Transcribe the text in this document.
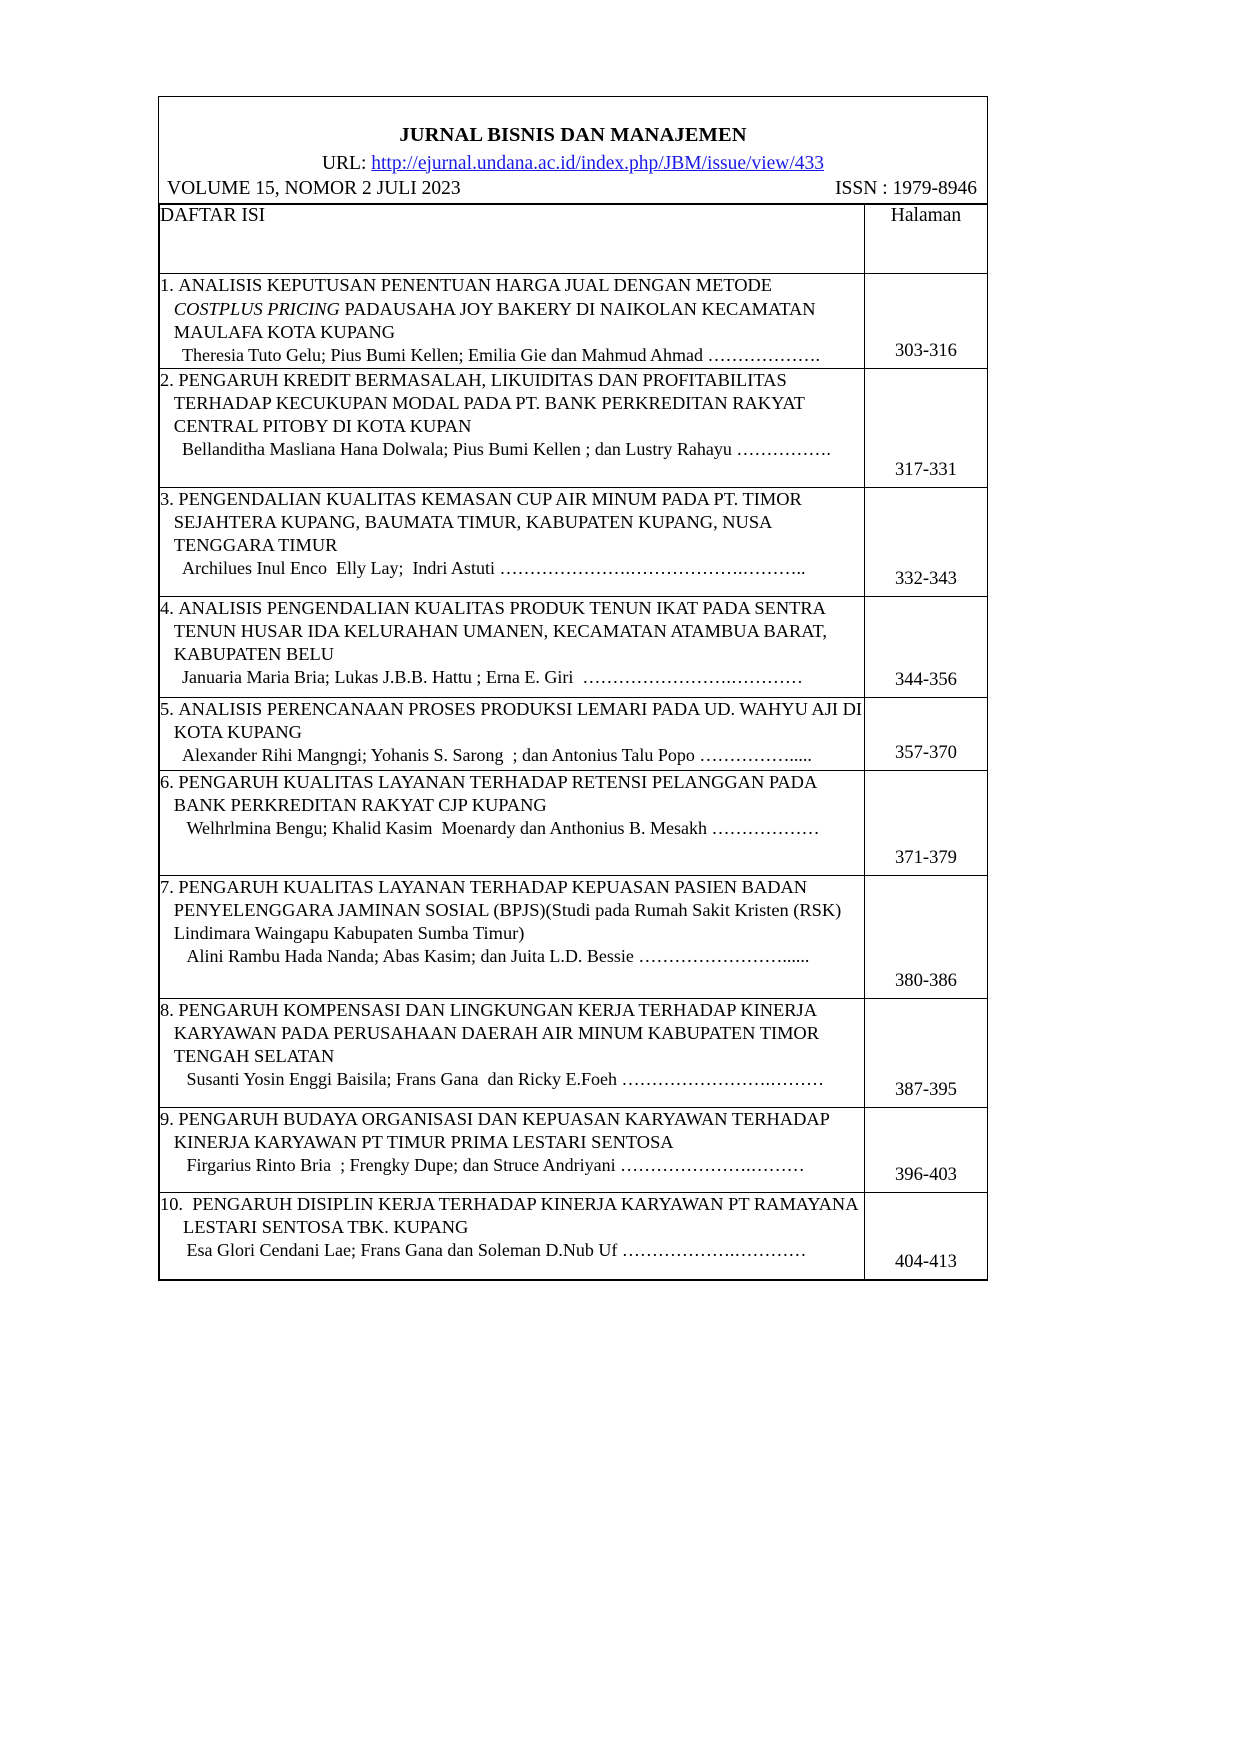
JURNAL BISNIS DAN MANAJEMEN
URL: http://ejurnal.undana.ac.id/index.php/JBM/issue/view/433
VOLUME 15, NOMOR 2 JULI 2023	ISSN : 1979-8946
DAFTAR ISI	Halaman

1. ANALISIS KEPUTUSAN PENENTUAN HARGA JUAL DENGAN METODE COSTPLUS PRICING PADAUSAHA JOY BAKERY DI NAIKOLAN KECAMATAN MAULAFA KOTA KUPANG
Theresia Tuto Gelu; Pius Bumi Kellen; Emilia Gie dan Mahmud Ahmad ……………….	303-316

2. PENGARUH KREDIT BERMASALAH, LIKUIDITAS DAN PROFITABILITAS TERHADAP KECUKUPAN MODAL PADA PT. BANK PERKREDITAN RAKYAT CENTRAL PITOBY DI KOTA KUPAN
Bellanditha Masliana Hana Dolwala; Pius Bumi Kellen ; dan Lustry Rahayu …………….	317-331

3. PENGENDALIAN KUALITAS KEMASAN CUP AIR MINUM PADA PT. TIMOR SEJAHTERA KUPANG, BAUMATA TIMUR, KABUPATEN KUPANG, NUSA TENGGARA TIMUR
Archilues Inul Enco  Elly Lay;  Indri Astuti ………………….……………….………..	332-343

4. ANALISIS PENGENDALIAN KUALITAS PRODUK TENUN IKAT PADA SENTRA TENUN HUSAR IDA KELURAHAN UMANEN, KECAMATAN ATAMBUA BARAT, KABUPATEN BELU
Januaria Maria Bria; Lukas J.B.B. Hattu ; Erna E. Giri  …………………….…………	344-356

5. ANALISIS PERENCANAAN PROSES PRODUKSI LEMARI PADA UD. WAHYU AJI DI KOTA KUPANG
Alexander Rihi Mangngi; Yohanis S. Sarong  ; dan Antonius Talu Popo …………….....	357-370

6. PENGARUH KUALITAS LAYANAN TERHADAP RETENSI PELANGGAN PADA BANK PERKREDITAN RAKYAT CJP KUPANG
Welhrlmina Bengu; Khalid Kasim  Moenardy dan Anthonius B. Mesakh ………………	371-379

7. PENGARUH KUALITAS LAYANAN TERHADAP KEPUASAN PASIEN BADAN PENYELENGGARA JAMINAN SOSIAL (BPJS)(Studi pada Rumah Sakit Kristen (RSK) Lindimara Waingapu Kabupaten Sumba Timur)
Alini Rambu Hada Nanda; Abas Kasim; dan Juita L.D. Bessie ……………………......	380-386

8. PENGARUH KOMPENSASI DAN LINGKUNGAN KERJA TERHADAP KINERJA KARYAWAN PADA PERUSAHAAN DAERAH AIR MINUM KABUPATEN TIMOR TENGAH SELATAN
Susanti Yosin Enggi Baisila; Frans Gana  dan Ricky E.Foeh …………………….………	387-395

9. PENGARUH BUDAYA ORGANISASI DAN KEPUASAN KARYAWAN TERHADAP KINERJA KARYAWAN PT TIMUR PRIMA LESTARI SENTOSA
Firgarius Rinto Bria  ; Frengky Dupe; dan Struce Andriyani ………………….………	396-403

10. PENGARUH DISIPLIN KERJA TERHADAP KINERJA KARYAWAN PT RAMAYANA LESTARI SENTOSA TBK. KUPANG
Esa Glori Cendani Lae; Frans Gana dan Soleman D.Nub Uf ……………….…………	404-413
